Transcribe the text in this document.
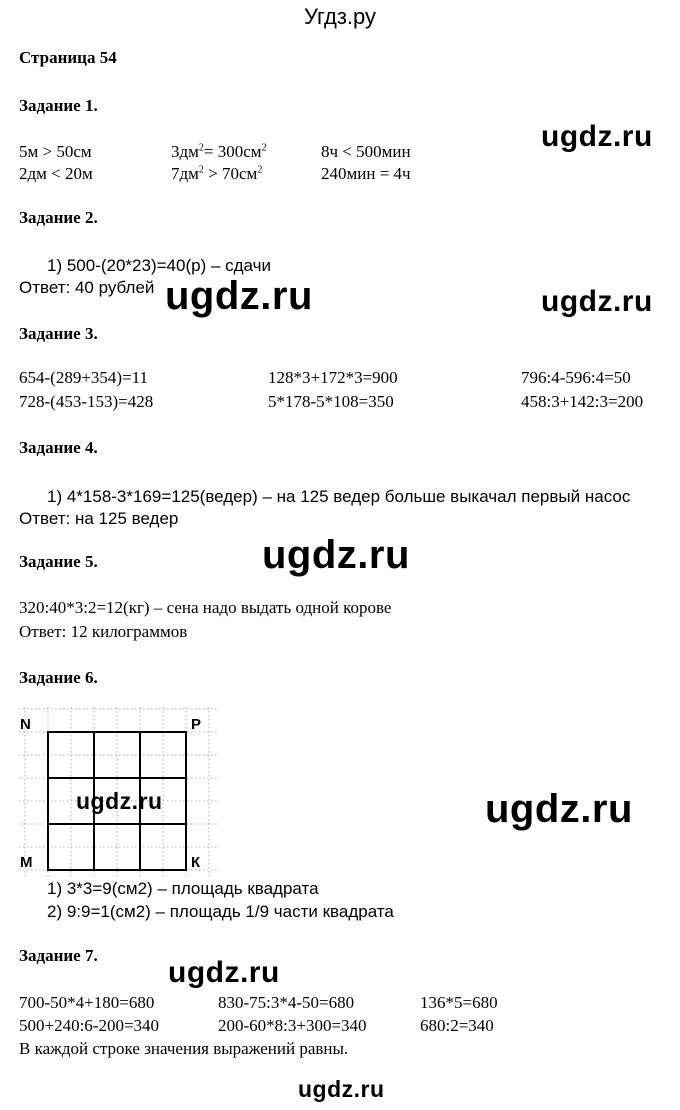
Угдз.ру
Страница 54
Задание 1.
5м > 50см	$3дм^2= 300см^2$	8ч < 500мин
2дм < 20м	$7дм^2 > 70см^2$	240мин = 4ч
ugdz.ru
Задание 2.
1) 500-(20*23)=40(р) – сдачи
Ответ: 40 рублей ugdz.ru	ugdz.ru
Задание 3.
654-(289+354)=11	128*3+172*3=900	796:4-596:4=50
728-(453-153)=428	5*178-5*108=350	458:3+142:3=200
Задание 4.
1) 4*158-3*169=125(ведер) – на 125 ведер больше выкачал первый насос
Ответ: на 125 ведер
Задание 5.	ugdz.ru
320:40*3:2=12(кг) – сена надо выдать одной корове
Ответ: 12 килограммов
Задание 6.
N	P
M	К
ugdz.ru	ugdz.ru
1) 3*3=9(см2) – площадь квадрата
2) 9:9=1(см2) – площадь 1/9 части квадрата
Задание 7.
ugdz.ru
700-50*4+180=680	830-75:3*4-50=680	136*5=680
500+240:6-200=340	200-60*8:3+300=340	680:2=340
В каждой строке значения выражений равны.
ugdz.ru
